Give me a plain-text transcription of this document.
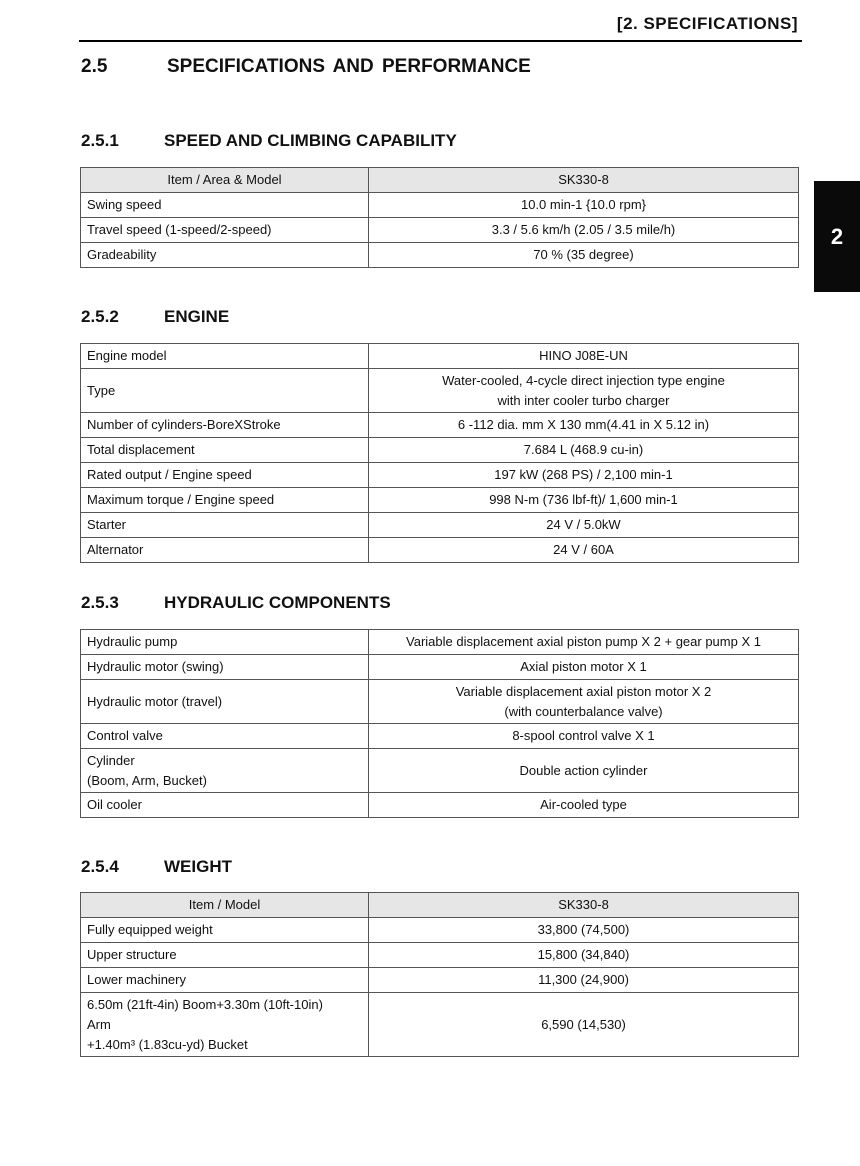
[2. SPECIFICATIONS]
2
2.5	SPECIFICATIONS AND PERFORMANCE
2.5.1	SPEED AND CLIMBING CAPABILITY
Item / Area & Model	SK330-8
Swing speed	10.0 min-1 {10.0 rpm}
Travel speed (1-speed/2-speed)	3.3 / 5.6 km/h (2.05 / 3.5 mile/h)
Gradeability	70 % (35 degree)
2.5.2	ENGINE
Engine model	HINO J08E-UN
Type	Water-cooled, 4-cycle direct injection type engine
with inter cooler turbo charger
Number of cylinders-BoreXStroke	6 -112 dia. mm X 130 mm(4.41 in X 5.12 in)
Total displacement	7.684 L (468.9 cu-in)
Rated output / Engine speed	197 kW (268 PS) / 2,100 min-1
Maximum torque / Engine speed	998 N-m (736 lbf-ft)/ 1,600 min-1
Starter	24 V / 5.0kW
Alternator	24 V / 60A
2.5.3	HYDRAULIC COMPONENTS
Hydraulic pump	Variable displacement axial piston pump X 2 + gear pump X 1
Hydraulic motor (swing)	Axial piston motor X 1
Hydraulic motor (travel)	Variable displacement axial piston motor X 2
(with counterbalance valve)
Control valve	8-spool control valve X 1
Cylinder
(Boom, Arm, Bucket)	Double action cylinder
Oil cooler	Air-cooled type
2.5.4	WEIGHT
Item / Model	SK330-8
Fully equipped weight	33,800 (74,500)
Upper structure	15,800 (34,840)
Lower machinery	11,300 (24,900)
6.50m (21ft-4in) Boom+3.30m (10ft-10in)
Arm
+1.40m³ (1.83cu-yd) Bucket	6,590 (14,530)
